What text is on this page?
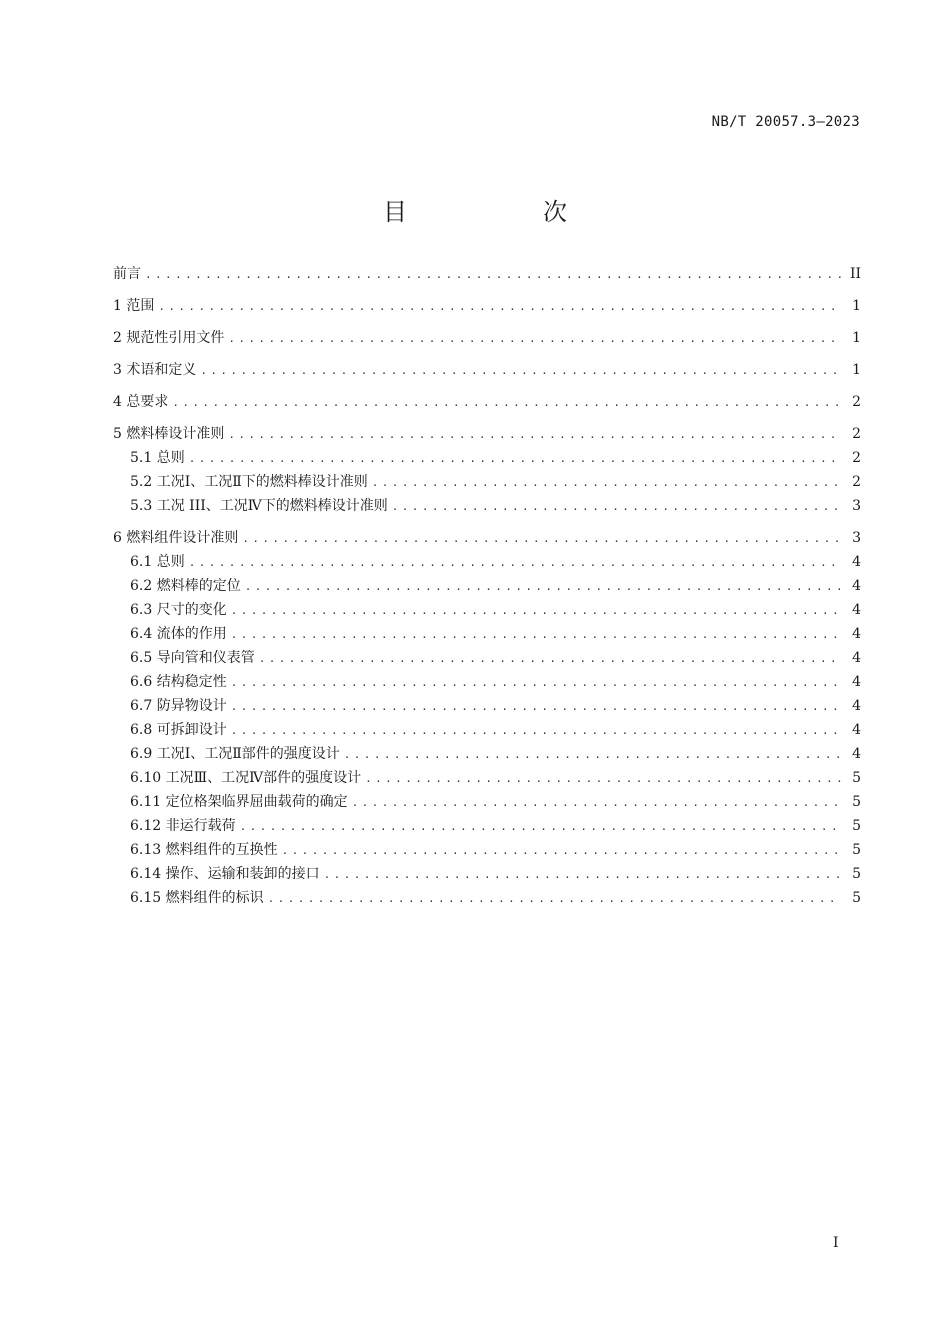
NB/T 20057.3—2023
目　次
前言 .....	II
1 范围 .....	1
2 规范性引用文件 .....	1
3 术语和定义 .....	1
4 总要求 .....	2
5 燃料棒设计准则 .....	2
5.1 总则 .....	2
5.2 工况Ⅰ、工况Ⅱ下的燃料棒设计准则 .....	2
5.3 工况 III、工况Ⅳ下的燃料棒设计准则 .....	3
6 燃料组件设计准则 .....	3
6.1 总则 .....	4
6.2 燃料棒的定位 .....	4
6.3 尺寸的变化 .....	4
6.4 流体的作用 .....	4
6.5 导向管和仪表管 .....	4
6.6 结构稳定性 .....	4
6.7 防异物设计 .....	4
6.8 可拆卸设计 .....	4
6.9 工况Ⅰ、工况Ⅱ部件的强度设计 .....	4
6.10 工况Ⅲ、工况Ⅳ部件的强度设计 .....	5
6.11 定位格架临界屈曲载荷的确定 .....	5
6.12 非运行载荷 .....	5
6.13 燃料组件的互换性 .....	5
6.14 操作、运输和装卸的接口 .....	5
6.15 燃料组件的标识 .....	5
I
